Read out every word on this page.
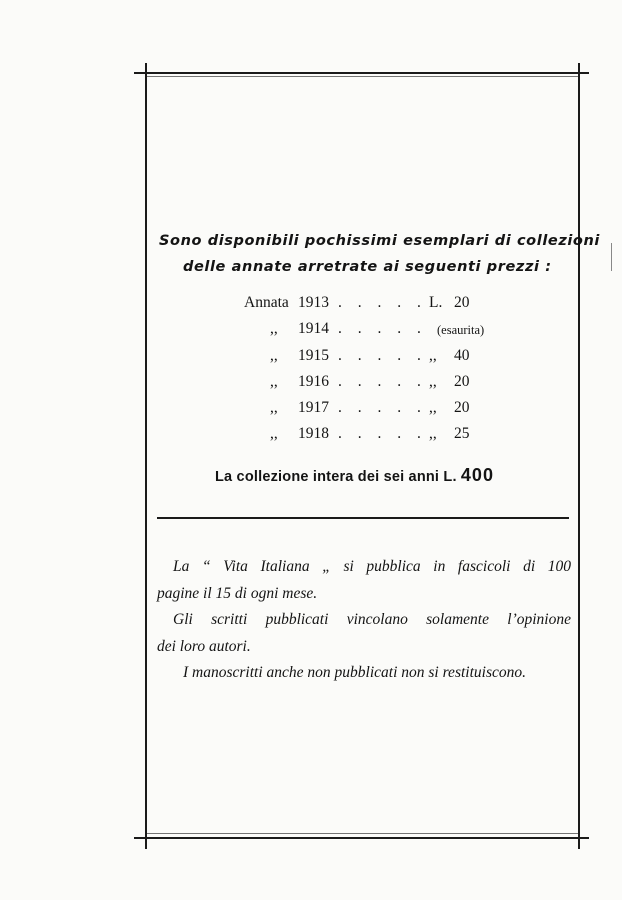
Sono disponibili pochissimi esemplari di collezioni
delle annate arretrate ai seguenti prezzi :
Annata 1913 . . . . . L. 20
,, 1914 . . . . . (esaurita)
,, 1915 . . . . . ,, 40
,, 1916 . . . . . ,, 20
,, 1917 . . . . . ,, 20
,, 1918 . . . . . ,, 25
La collezione intera dei sei anni L. 400

La “ Vita Italiana „ si pubblica in fascicoli di 100

pagine il 15 di ogni mese.

Gli scritti pubblicati vincolano solamente l’opinione

dei loro autori.

I manoscritti anche non pubblicati non si restituiscono.
